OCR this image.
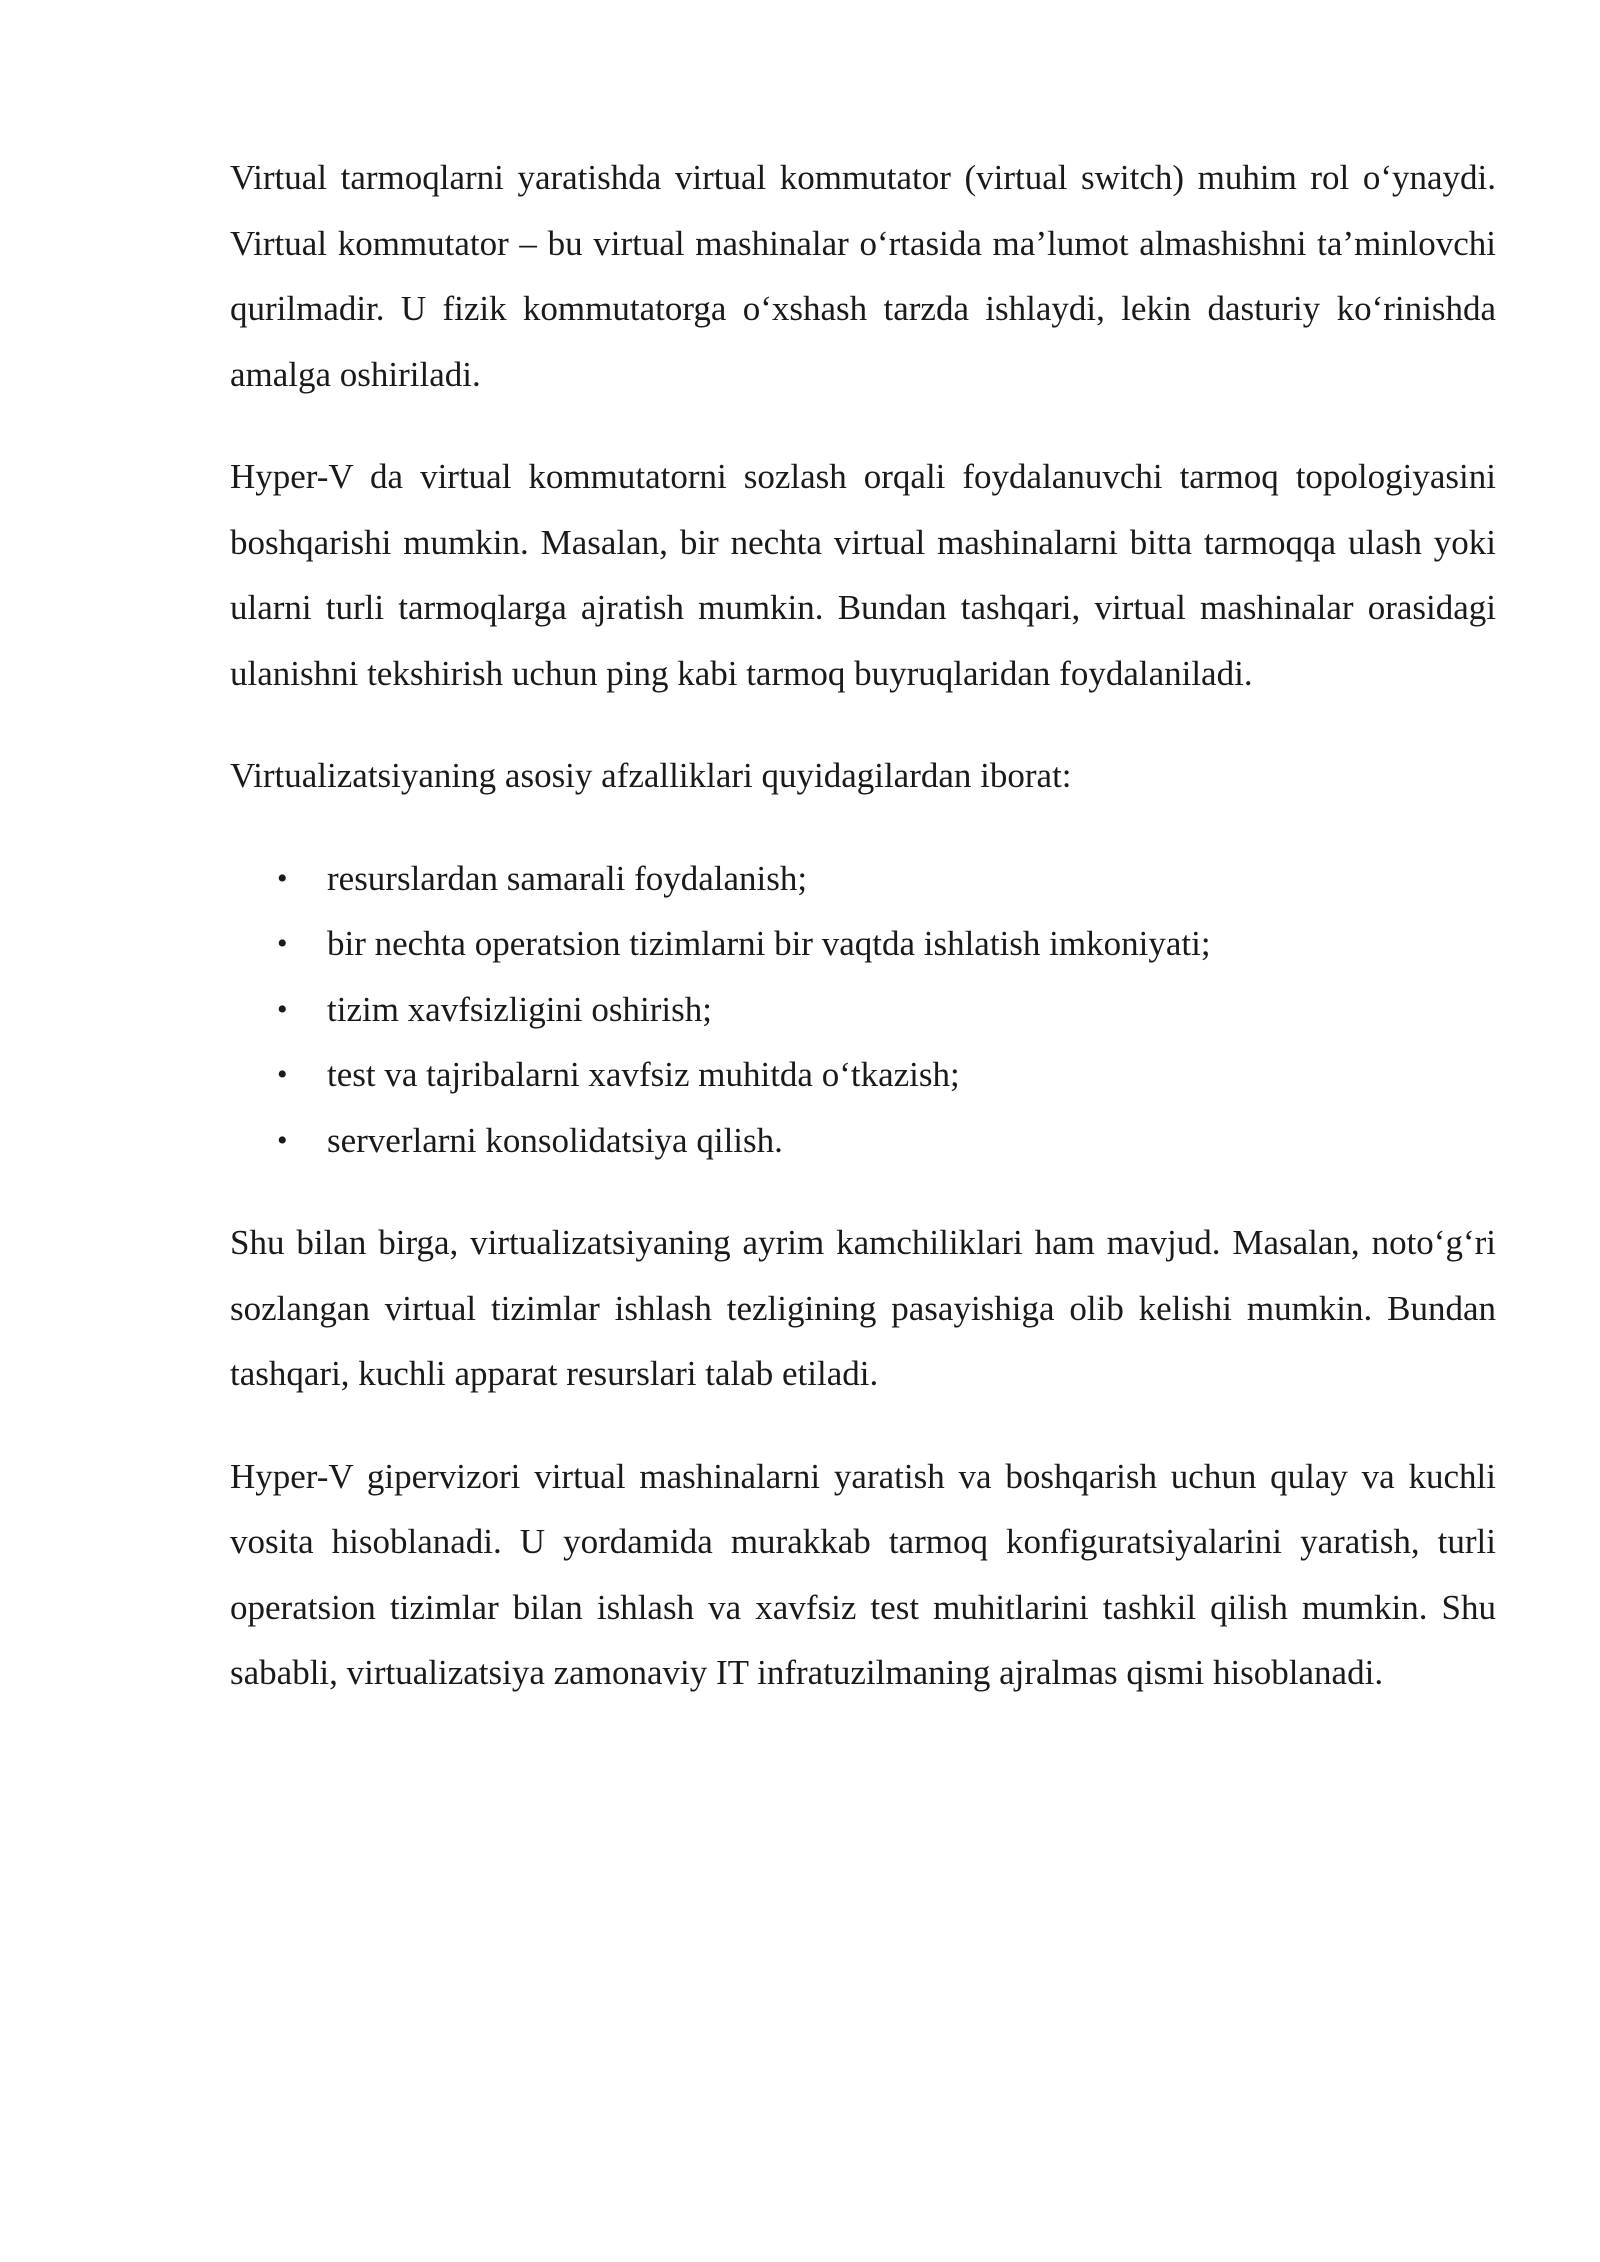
Virtual tarmoqlarni yaratishda virtual kommutator (virtual switch) muhim rol o‘ynaydi. Virtual kommutator – bu virtual mashinalar o‘rtasida ma’lumot almashishni ta’minlovchi qurilmadir. U fizik kommutatorga o‘xshash tarzda ishlaydi, lekin dasturiy ko‘rinishda amalga oshiriladi.

Hyper-V da virtual kommutatorni sozlash orqali foydalanuvchi tarmoq topologiyasini boshqarishi mumkin. Masalan, bir nechta virtual mashinalarni bitta tarmoqqa ulash yoki ularni turli tarmoqlarga ajratish mumkin. Bundan tashqari, virtual mashinalar orasidagi ulanishni tekshirish uchun ping kabi tarmoq buyruqlaridan foydalaniladi.

Virtualizatsiyaning asosiy afzalliklari quyidagilardan iborat:

• resurslardan samarali foydalanish;
• bir nechta operatsion tizimlarni bir vaqtda ishlatish imkoniyati;
• tizim xavfsizligini oshirish;
• test va tajribalarni xavfsiz muhitda o‘tkazish;
• serverlarni konsolidatsiya qilish.

Shu bilan birga, virtualizatsiyaning ayrim kamchiliklari ham mavjud. Masalan, noto‘g‘ri sozlangan virtual tizimlar ishlash tezligining pasayishiga olib kelishi mumkin. Bundan tashqari, kuchli apparat resurslari talab etiladi.

Hyper-V gipervizori virtual mashinalarni yaratish va boshqarish uchun qulay va kuchli vosita hisoblanadi. U yordamida murakkab tarmoq konfiguratsiyalarini yaratish, turli operatsion tizimlar bilan ishlash va xavfsiz test muhitlarini tashkil qilish mumkin. Shu sababli, virtualizatsiya zamonaviy IT infratuzilmaning ajralmas qismi hisoblanadi.
